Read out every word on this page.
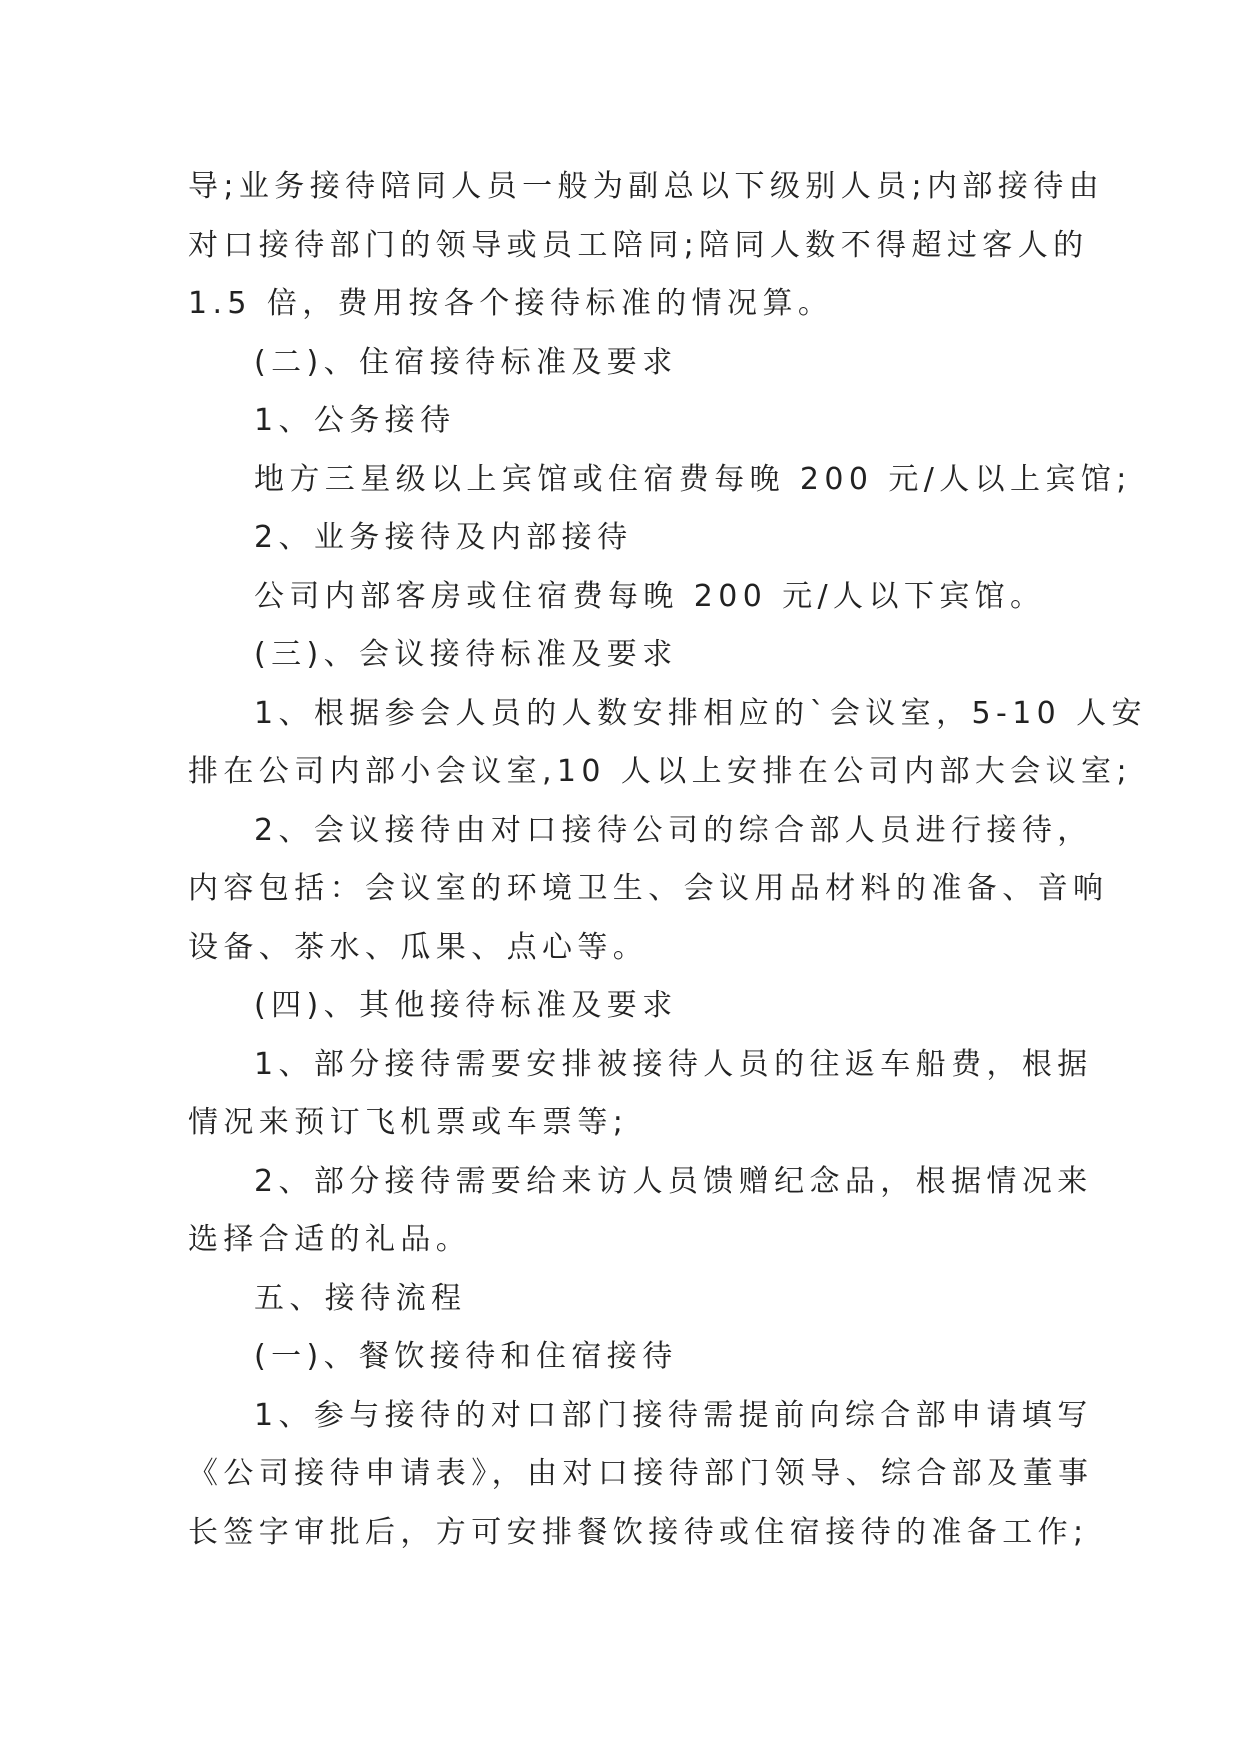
导;业务接待陪同人员一般为副总以下级别人员;内部接待由
对口接待部门的领导或员工陪同;陪同人数不得超过客人的
1.5 倍，费用按各个接待标准的情况算。
(二)、住宿接待标准及要求
1、公务接待
地方三星级以上宾馆或住宿费每晚 200 元/人以上宾馆;
2、业务接待及内部接待
公司内部客房或住宿费每晚 200 元/人以下宾馆。
(三)、会议接待标准及要求
1、根据参会人员的人数安排相应的`会议室，5-10 人安
排在公司内部小会议室,10 人以上安排在公司内部大会议室;
2、会议接待由对口接待公司的综合部人员进行接待，
内容包括：会议室的环境卫生、会议用品材料的准备、音响
设备、茶水、瓜果、点心等。
(四)、其他接待标准及要求
1、部分接待需要安排被接待人员的往返车船费，根据
情况来预订飞机票或车票等;
2、部分接待需要给来访人员馈赠纪念品，根据情况来
选择合适的礼品。
五、接待流程
(一)、餐饮接待和住宿接待
1、参与接待的对口部门接待需提前向综合部申请填写
《公司接待申请表》，由对口接待部门领导、综合部及董事
长签字审批后，方可安排餐饮接待或住宿接待的准备工作;
